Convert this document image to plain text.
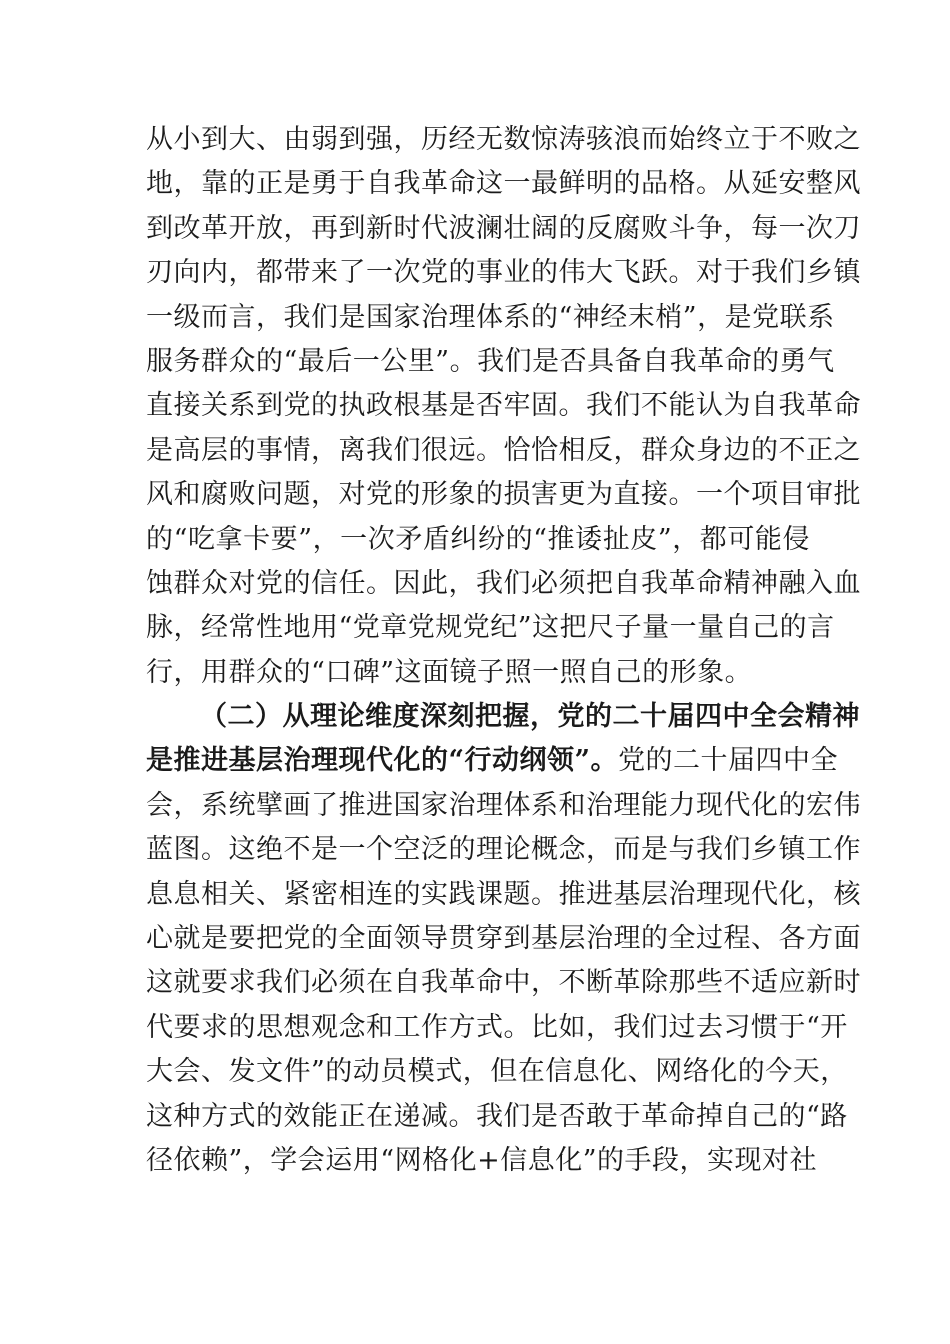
从小到大、由弱到强，历经无数惊涛骇浪而始终立于不败之
地，靠的正是勇于自我革命这一最鲜明的品格。从延安整风
到改革开放，再到新时代波澜壮阔的反腐败斗争，每一次刀
刃向内，都带来了一次党的事业的伟大飞跃。对于我们乡镇
一级而言，我们是国家治理体系的“神经末梢”，是党联系
服务群众的“最后一公里”。我们是否具备自我革命的勇气
直接关系到党的执政根基是否牢固。我们不能认为自我革命
是高层的事情，离我们很远。恰恰相反，群众身边的不正之
风和腐败问题，对党的形象的损害更为直接。一个项目审批
的“吃拿卡要”，一次矛盾纠纷的“推诿扯皮”，都可能侵
蚀群众对党的信任。因此，我们必须把自我革命精神融入血
脉，经常性地用“党章党规党纪”这把尺子量一量自己的言
行，用群众的“口碑”这面镜子照一照自己的形象。
（二）从理论维度深刻把握，党的二十届四中全会精神
是推进基层治理现代化的“行动纲领”。党的二十届四中全
会，系统擘画了推进国家治理体系和治理能力现代化的宏伟
蓝图。这绝不是一个空泛的理论概念，而是与我们乡镇工作
息息相关、紧密相连的实践课题。推进基层治理现代化，核
心就是要把党的全面领导贯穿到基层治理的全过程、各方面
这就要求我们必须在自我革命中，不断革除那些不适应新时
代要求的思想观念和工作方式。比如，我们过去习惯于“开
大会、发文件”的动员模式，但在信息化、网络化的今天，
这种方式的效能正在递减。我们是否敢于革命掉自己的“路
径依赖”，学会运用“网格化+信息化”的手段，实现对社
